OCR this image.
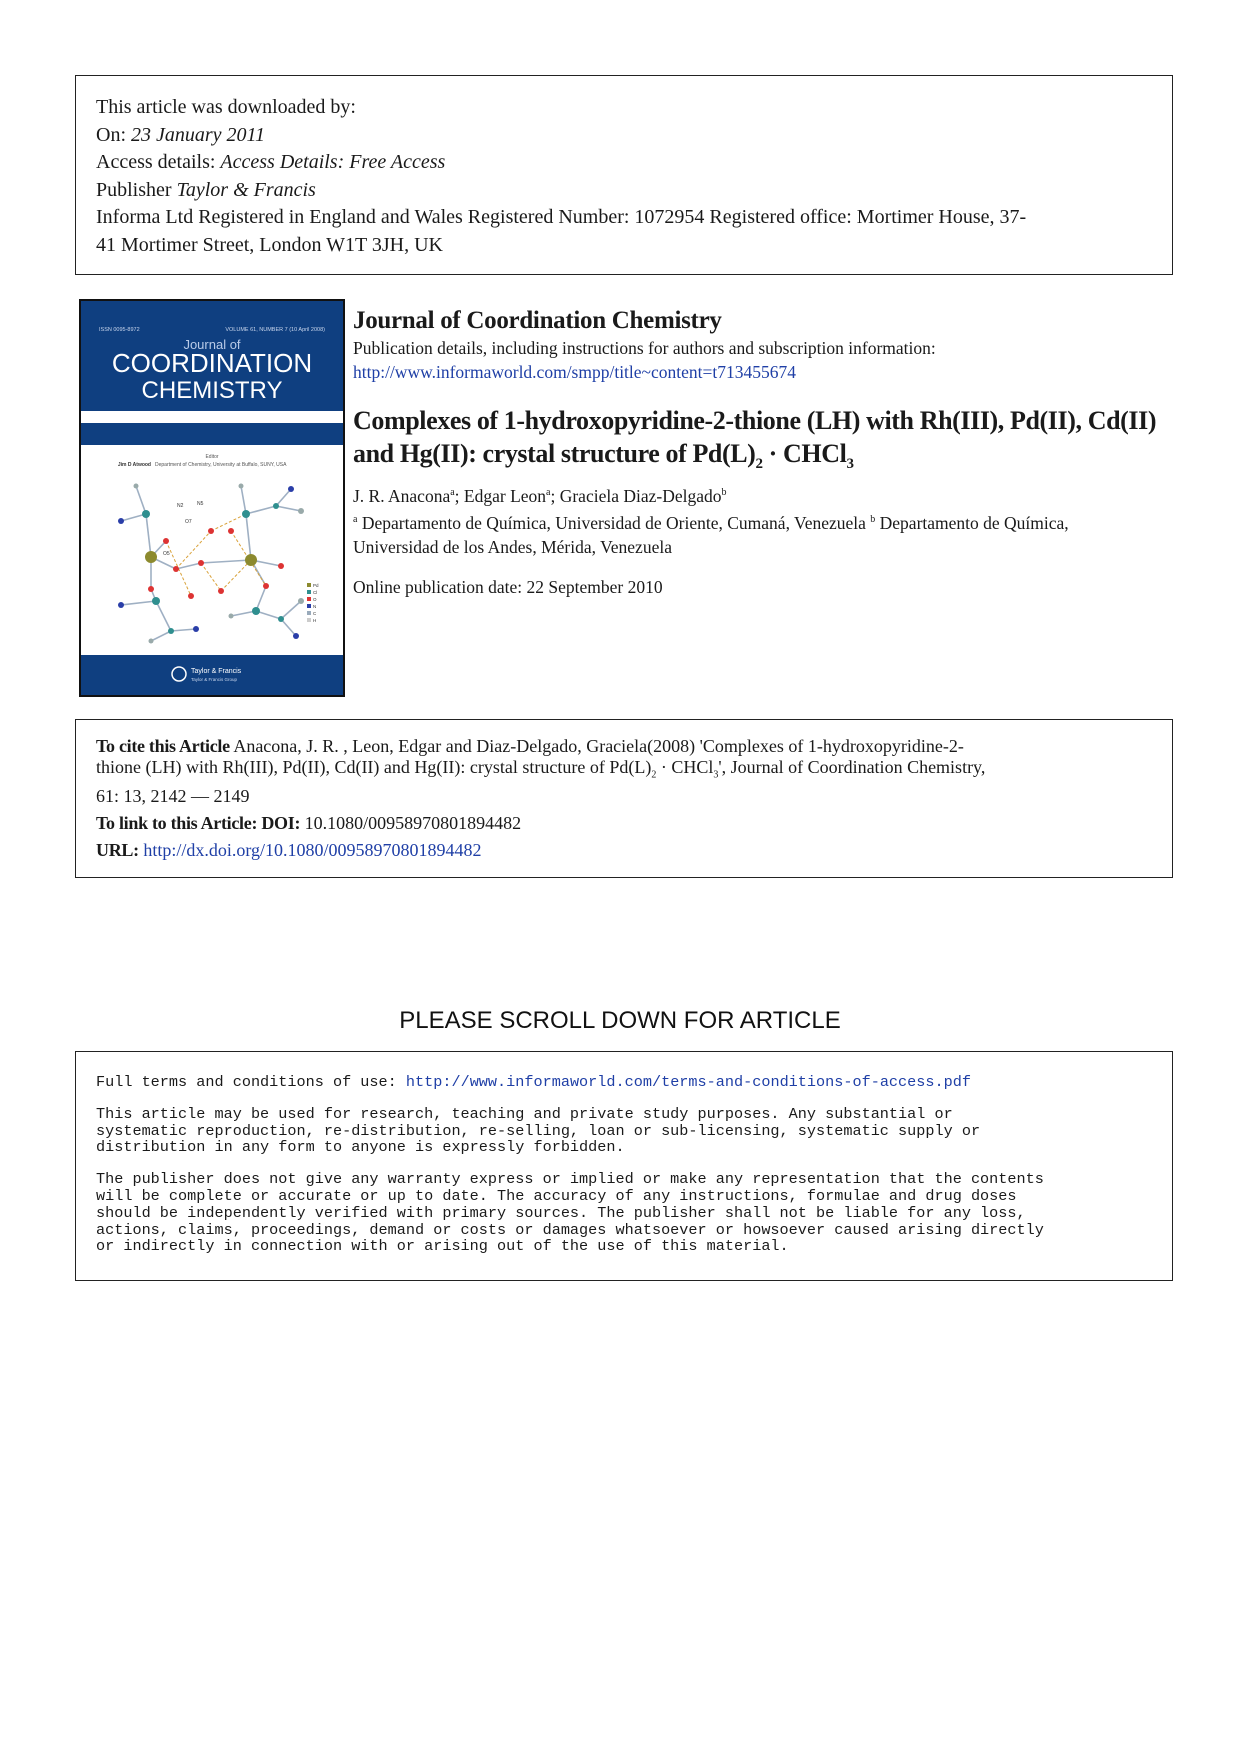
This article was downloaded by:
On: 23 January 2011
Access details: Access Details: Free Access
Publisher Taylor & Francis
Informa Ltd Registered in England and Wales Registered Number: 1072954 Registered office: Mortimer House, 37-
41 Mortimer Street, London W1T 3JH, UK
ISSN 0095-8972	VOLUME 61, NUMBER 7 (10 April 2008)
Journal of
COORDINATION
CHEMISTRY
Editor
Jim D Atwood Department of Chemistry, University at Buffalo, SUNY, USA
N2	N5
O7
O5
Pd
Cl
O
N
C
H
Taylor & Francis
Taylor & Francis Group
Journal of Coordination Chemistry
Publication details, including instructions for authors and subscription information:
http://www.informaworld.com/smpp/title~content=t713455674
Complexes of 1-hydroxopyridine-2-thione (LH) with Rh(III), Pd(II), Cd(II)
and Hg(II): crystal structure of $Pd(L)_2$ · CHCl$_3$
J. R. Anacona$^a$; Edgar Leon$^a$; Graciela Diaz-Delgado$^b$
$^a$ Departamento de Química, Universidad de Oriente, Cumaná, Venezuela $^b$ Departamento de Química,
Universidad de los Andes, Mérida, Venezuela
Online publication date: 22 September 2010
To cite this Article Anacona, J. R. , Leon, Edgar and Diaz-Delgado, Graciela(2008) 'Complexes of 1-hydroxopyridine-2-
thione (LH) with Rh(III), Pd(II), Cd(II) and Hg(II): crystal structure of $Pd(L)_2$ · CHCl$_3$', Journal of Coordination Chemistry,
61: 13, 2142 — 2149
To link to this Article: DOI: 10.1080/00958970801894482
URL: http://dx.doi.org/10.1080/00958970801894482
PLEASE SCROLL DOWN FOR ARTICLE

Full terms and conditions of use: http://www.informaworld.com/terms-and-conditions-of-access.pdf

This article may be used for research, teaching and private study purposes. Any substantial or
systematic reproduction, re-distribution, re-selling, loan or sub-licensing, systematic supply or
distribution in any form to anyone is expressly forbidden.

The publisher does not give any warranty express or implied or make any representation that the contents
will be complete or accurate or up to date. The accuracy of any instructions, formulae and drug doses
should be independently verified with primary sources. The publisher shall not be liable for any loss,
actions, claims, proceedings, demand or costs or damages whatsoever or howsoever caused arising directly
or indirectly in connection with or arising out of the use of this material.
